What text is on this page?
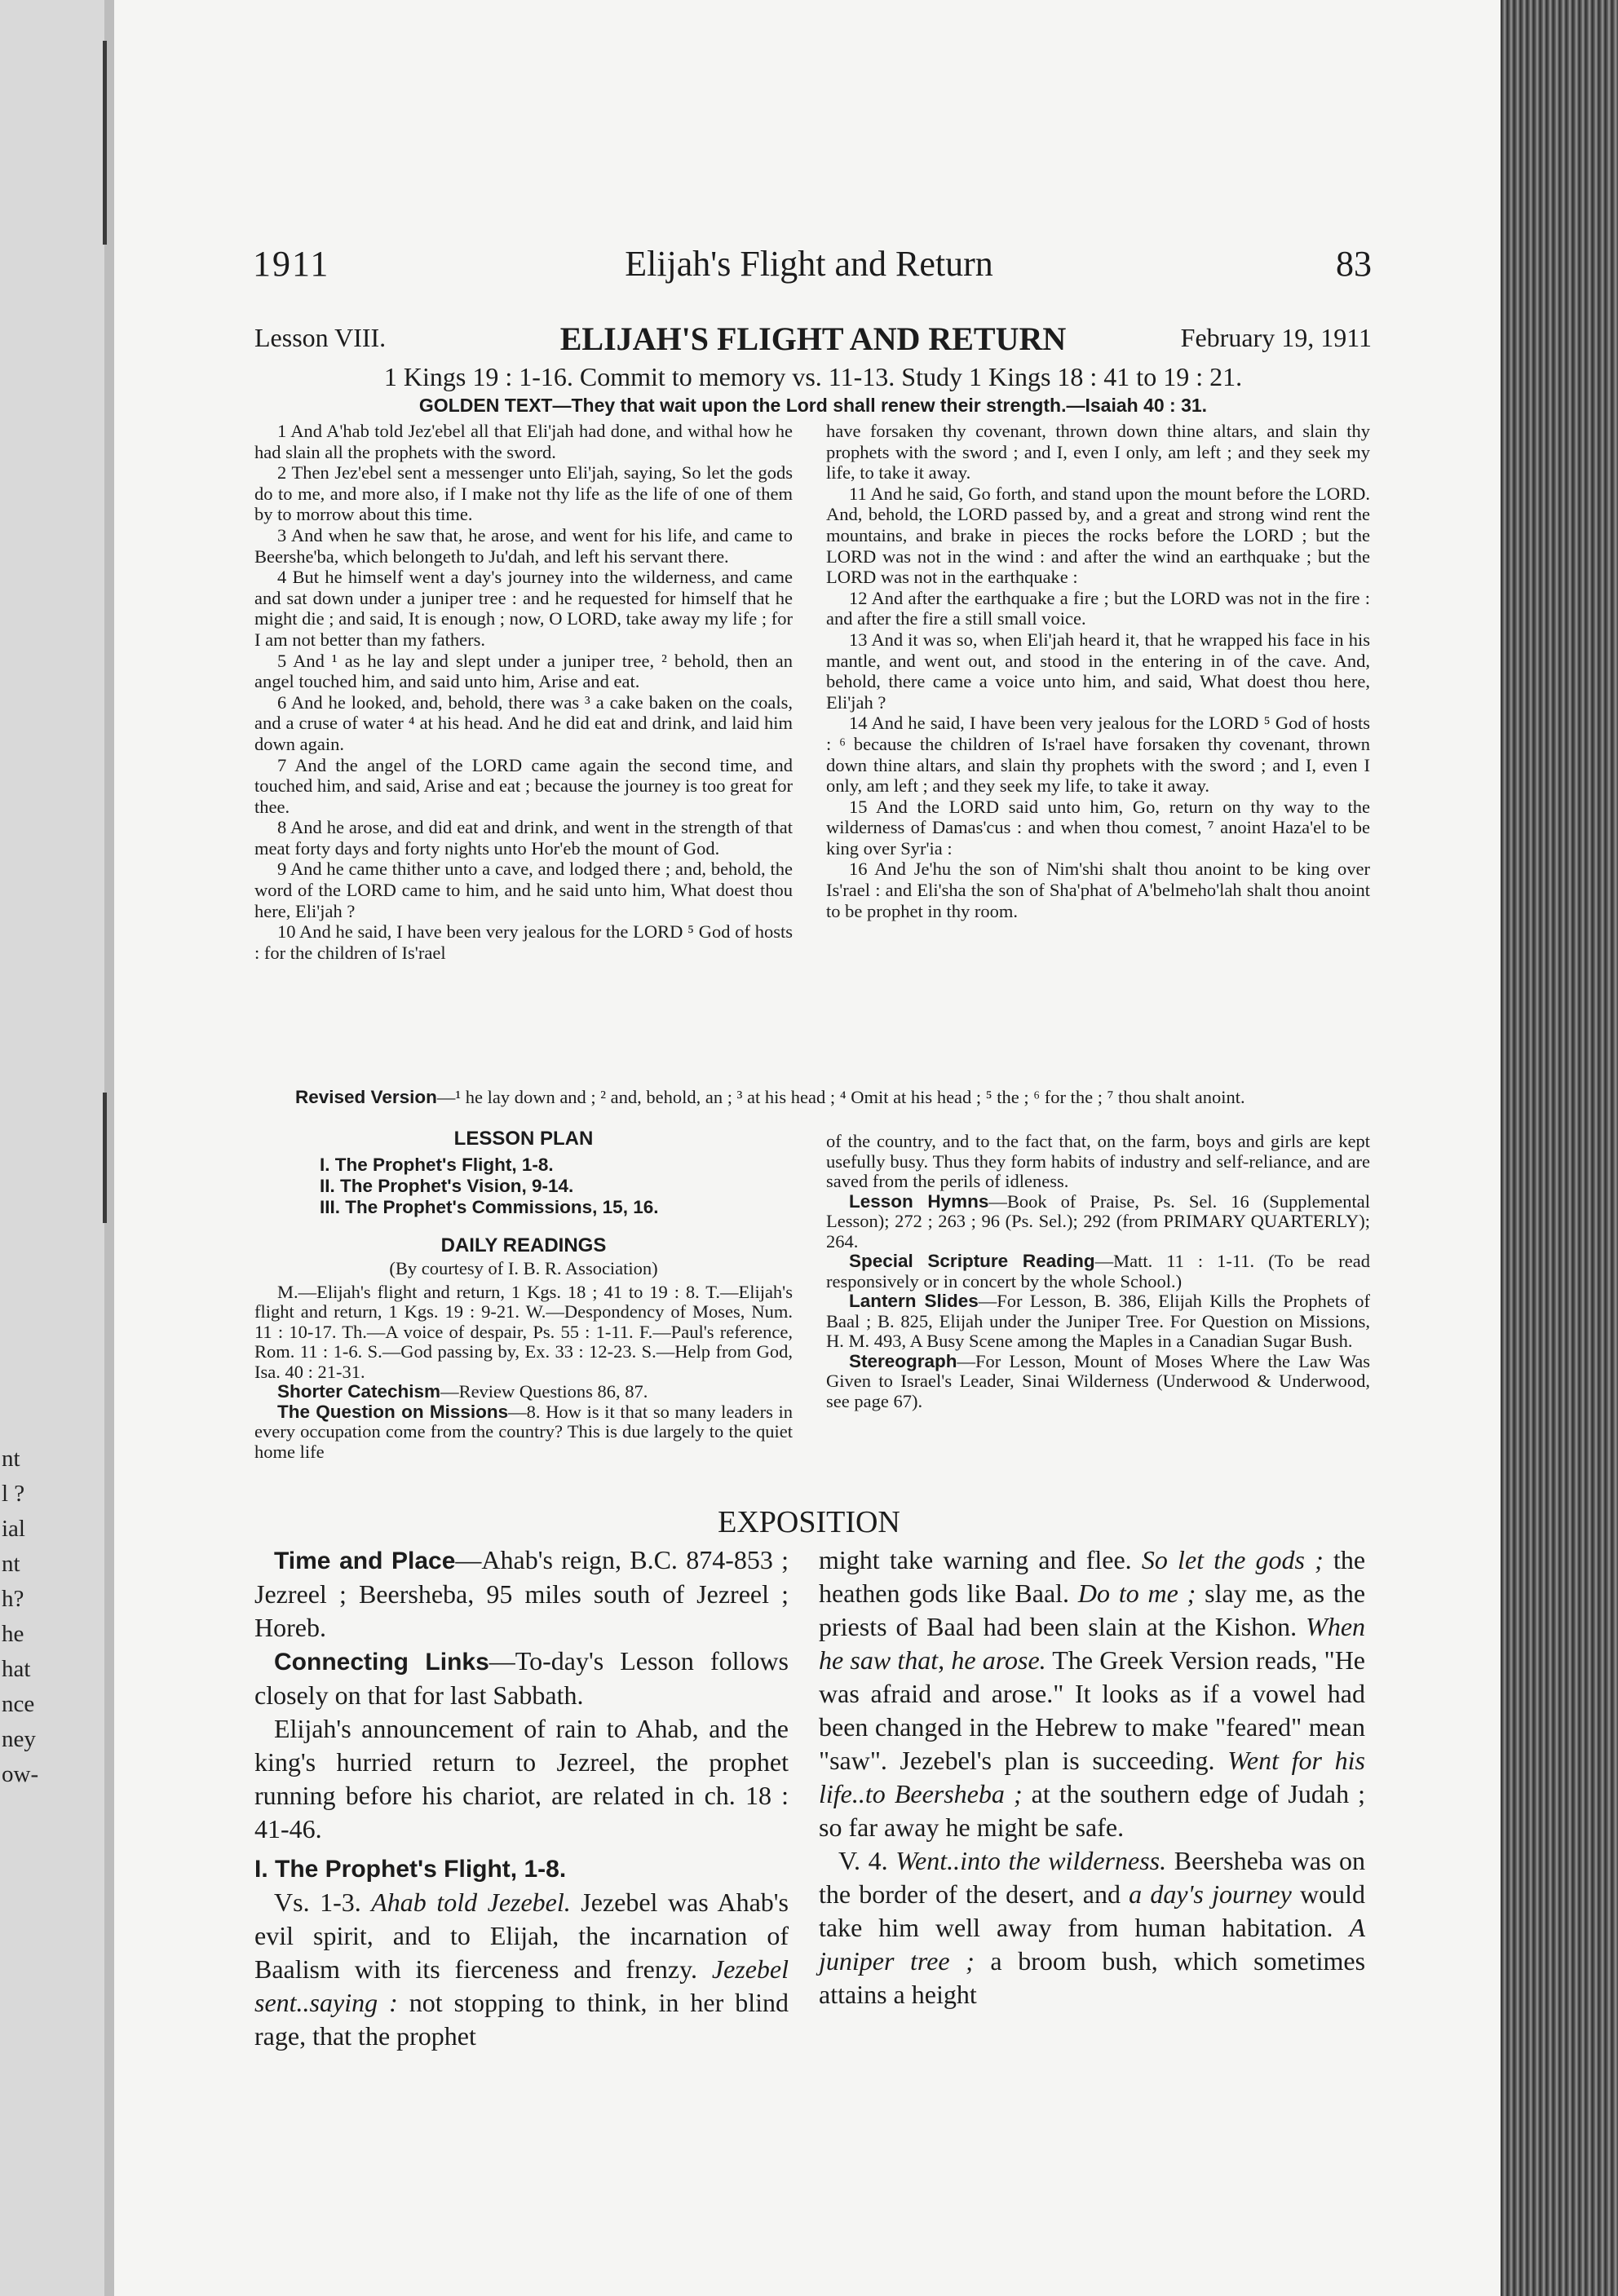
nt
l ?
ial
nt
h?
he
hat
nce
ney
ow-
1911	Elijah's Flight and Return	83
ELIJAH'S FLIGHT AND RETURN
Lesson VIII.	February 19, 1911
1 Kings 19 : 1-16. Commit to memory vs. 11-13. Study 1 Kings 18 : 41 to 19 : 21.
GOLDEN TEXT—They that wait upon the Lord shall renew their strength.—Isaiah 40 : 31.

1 And A'hab told Jez'ebel all that Eli'jah had done, and withal how he had slain all the prophets with the sword.

2 Then Jez'ebel sent a messenger unto Eli'jah, saying, So let the gods do to me, and more also, if I make not thy life as the life of one of them by to morrow about this time.

3 And when he saw that, he arose, and went for his life, and came to Beershe'ba, which belongeth to Ju'dah, and left his servant there.

4 But he himself went a day's journey into the wilderness, and came and sat down under a juniper tree : and he requested for himself that he might die ; and said, It is enough ; now, O LORD, take away my life ; for I am not better than my fathers.

5 And ¹ as he lay and slept under a juniper tree, ² behold, then an angel touched him, and said unto him, Arise and eat.

6 And he looked, and, behold, there was ³ a cake baken on the coals, and a cruse of water ⁴ at his head. And he did eat and drink, and laid him down again.

7 And the angel of the LORD came again the second time, and touched him, and said, Arise and eat ; because the journey is too great for thee.

8 And he arose, and did eat and drink, and went in the strength of that meat forty days and forty nights unto Hor'eb the mount of God.

9 And he came thither unto a cave, and lodged there ; and, behold, the word of the LORD came to him, and he said unto him, What doest thou here, Eli'jah ?

10 And he said, I have been very jealous for the LORD ⁵ God of hosts : for the children of Is'rael

have forsaken thy covenant, thrown down thine altars, and slain thy prophets with the sword ; and I, even I only, am left ; and they seek my life, to take it away.

11 And he said, Go forth, and stand upon the mount before the LORD. And, behold, the LORD passed by, and a great and strong wind rent the mountains, and brake in pieces the rocks before the LORD ; but the LORD was not in the wind : and after the wind an earthquake ; but the LORD was not in the earthquake :

12 And after the earthquake a fire ; but the LORD was not in the fire : and after the fire a still small voice.

13 And it was so, when Eli'jah heard it, that he wrapped his face in his mantle, and went out, and stood in the entering in of the cave. And, behold, there came a voice unto him, and said, What doest thou here, Eli'jah ?

14 And he said, I have been very jealous for the LORD ⁵ God of hosts : ⁶ because the children of Is'rael have forsaken thy covenant, thrown down thine altars, and slain thy prophets with the sword ; and I, even I only, am left ; and they seek my life, to take it away.

15 And the LORD said unto him, Go, return on thy way to the wilderness of Damas'cus : and when thou comest, ⁷ anoint Haza'el to be king over Syr'ia :

16 And Je'hu the son of Nim'shi shalt thou anoint to be king over Is'rael : and Eli'sha the son of Sha'phat of A'belmeho'lah shalt thou anoint to be prophet in thy room.

Revised Version—¹ he lay down and ; ² and, behold, an ; ³ at his head ; ⁴ Omit at his head ; ⁵ the ; ⁶ for the ; ⁷ thou shalt anoint.
LESSON PLAN
I. The Prophet's Flight, 1-8.
II. The Prophet's Vision, 9-14.
III. The Prophet's Commissions, 15, 16.
DAILY READINGS
(By courtesy of I. B. R. Association)

M.—Elijah's flight and return, 1 Kgs. 18 ; 41 to 19 : 8. T.—Elijah's flight and return, 1 Kgs. 19 : 9-21. W.—Despondency of Moses, Num. 11 : 10-17. Th.—A voice of despair, Ps. 55 : 1-11. F.—Paul's reference, Rom. 11 : 1-6. S.—God passing by, Ex. 33 : 12-23. S.—Help from God, Isa. 40 : 21-31.

Shorter Catechism—Review Questions 86, 87.

The Question on Missions—8. How is it that so many leaders in every occupation come from the country? This is due largely to the quiet home life

of the country, and to the fact that, on the farm, boys and girls are kept usefully busy. Thus they form habits of industry and self-reliance, and are saved from the perils of idleness.

Lesson Hymns—Book of Praise, Ps. Sel. 16 (Supplemental Lesson); 272 ; 263 ; 96 (Ps. Sel.); 292 (from PRIMARY QUARTERLY); 264.

Special Scripture Reading—Matt. 11 : 1-11. (To be read responsively or in concert by the whole School.)

Lantern Slides—For Lesson, B. 386, Elijah Kills the Prophets of Baal ; B. 825, Elijah under the Juniper Tree. For Question on Missions, H. M. 493, A Busy Scene among the Maples in a Canadian Sugar Bush.

Stereograph—For Lesson, Mount of Moses Where the Law Was Given to Israel's Leader, Sinai Wilderness (Underwood & Underwood, see page 67).

EXPOSITION

Time and Place—Ahab's reign, B.C. 874-853 ; Jezreel ; Beersheba, 95 miles south of Jezreel ; Horeb.

Connecting Links—To-day's Lesson follows closely on that for last Sabbath.

Elijah's announcement of rain to Ahab, and the king's hurried return to Jezreel, the prophet running before his chariot, are related in ch. 18 : 41-46.

I. The Prophet's Flight, 1-8.

Vs. 1-3. Ahab told Jezebel. Jezebel was Ahab's evil spirit, and to Elijah, the incarnation of Baalism with its fierceness and frenzy. Jezebel sent..saying : not stopping to think, in her blind rage, that the prophet

might take warning and flee. So let the gods ; the heathen gods like Baal. Do to me ; slay me, as the priests of Baal had been slain at the Kishon. When he saw that, he arose. The Greek Version reads, "He was afraid and arose." It looks as if a vowel had been changed in the Hebrew to make "feared" mean "saw". Jezebel's plan is succeeding. Went for his life..to Beersheba ; at the southern edge of Judah ; so far away he might be safe.

V. 4. Went..into the wilderness. Beersheba was on the border of the desert, and a day's journey would take him well away from human habitation. A juniper tree ; a broom bush, which sometimes attains a height
